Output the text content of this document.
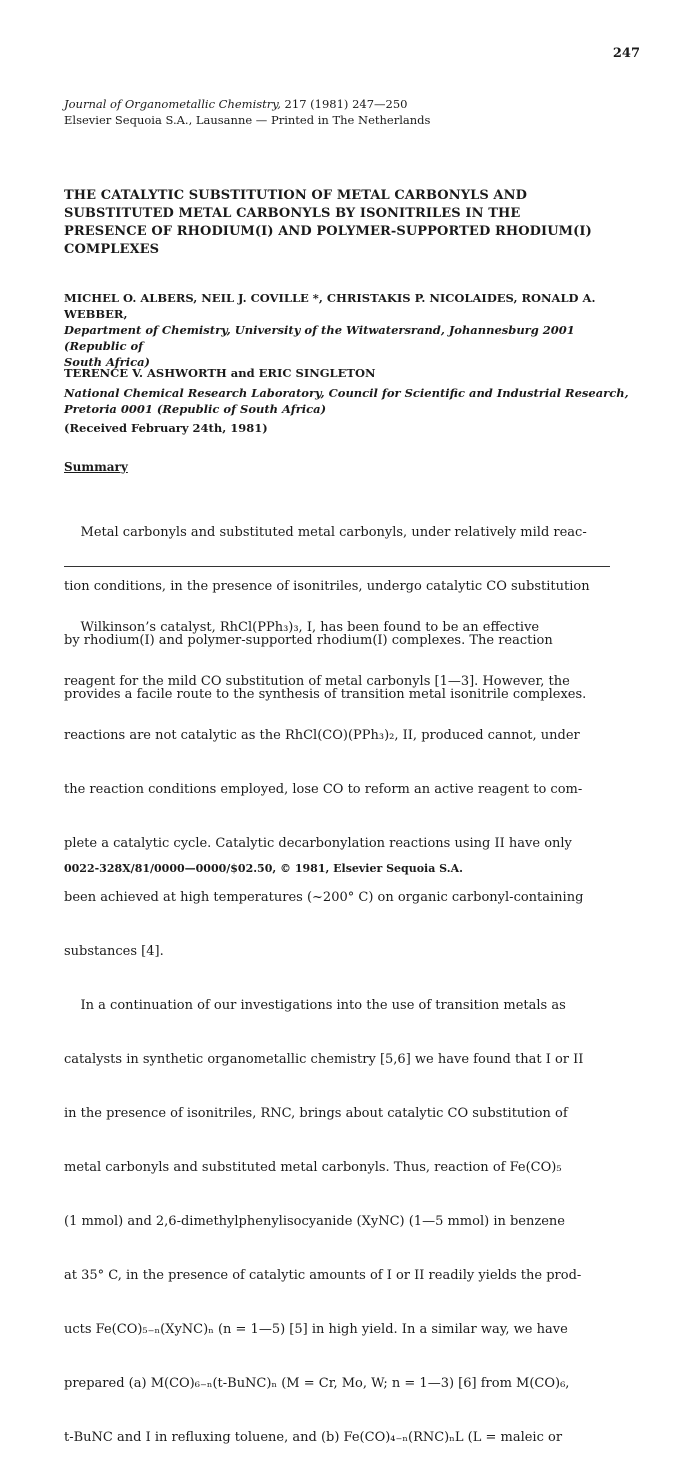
247
Journal of Organometallic Chemistry, 217 (1981) 247—250
Elsevier Sequoia S.A., Lausanne — Printed in The Netherlands
THE CATALYTIC SUBSTITUTION OF METAL CARBONYLS AND
SUBSTITUTED METAL CARBONYLS BY ISONITRILES IN THE
PRESENCE OF RHODIUM(I) AND POLYMER-SUPPORTED RHODIUM(I)
COMPLEXES
MICHEL O. ALBERS, NEIL J. COVILLE *, CHRISTAKIS P. NICOLAIDES, RONALD A.
WEBBER,
Department of Chemistry, University of the Witwatersrand, Johannesburg 2001 (Republic of
South Africa)
TERENCE V. ASHWORTH and ERIC SINGLETON
National Chemical Research Laboratory, Council for Scientific and Industrial Research,
Pretoria 0001 (Republic of South Africa)
(Received February 24th, 1981)
Summary

Metal carbonyls and substituted metal carbonyls, under relatively mild reac-

tion conditions, in the presence of isonitriles, undergo catalytic CO substitution

by rhodium(I) and polymer-supported rhodium(I) complexes. The reaction

provides a facile route to the synthesis of transition metal isonitrile complexes.

Wilkinson’s catalyst, RhCl(PPh₃)₃, I, has been found to be an effective

reagent for the mild CO substitution of metal carbonyls [1—3]. However, the

reactions are not catalytic as the RhCl(CO)(PPh₃)₂, II, produced cannot, under

the reaction conditions employed, lose CO to reform an active reagent to com-

plete a catalytic cycle. Catalytic decarbonylation reactions using II have only

been achieved at high temperatures (~200° C) on organic carbonyl-containing

substances [4].

In a continuation of our investigations into the use of transition metals as

catalysts in synthetic organometallic chemistry [5,6] we have found that I or II

in the presence of isonitriles, RNC, brings about catalytic CO substitution of

metal carbonyls and substituted metal carbonyls. Thus, reaction of Fe(CO)₅

(1 mmol) and 2,6-dimethylphenylisocyanide (XyNC) (1—5 mmol) in benzene

at 35° C, in the presence of catalytic amounts of I or II readily yields the prod-

ucts Fe(CO)₅₋ₙ(XyNC)ₙ (n = 1—5) [5] in high yield. In a similar way, we have

prepared (a) M(CO)₆₋ₙ(t-BuNC)ₙ (M = Cr, Mo, W; n = 1—3) [6] from M(CO)₆,

t-BuNC and I in refluxing toluene, and (b) Fe(CO)₄₋ₙ(RNC)ₙL (L = maleic or

0022-328X/81/0000—0000/$02.50, © 1981, Elsevier Sequoia S.A.
